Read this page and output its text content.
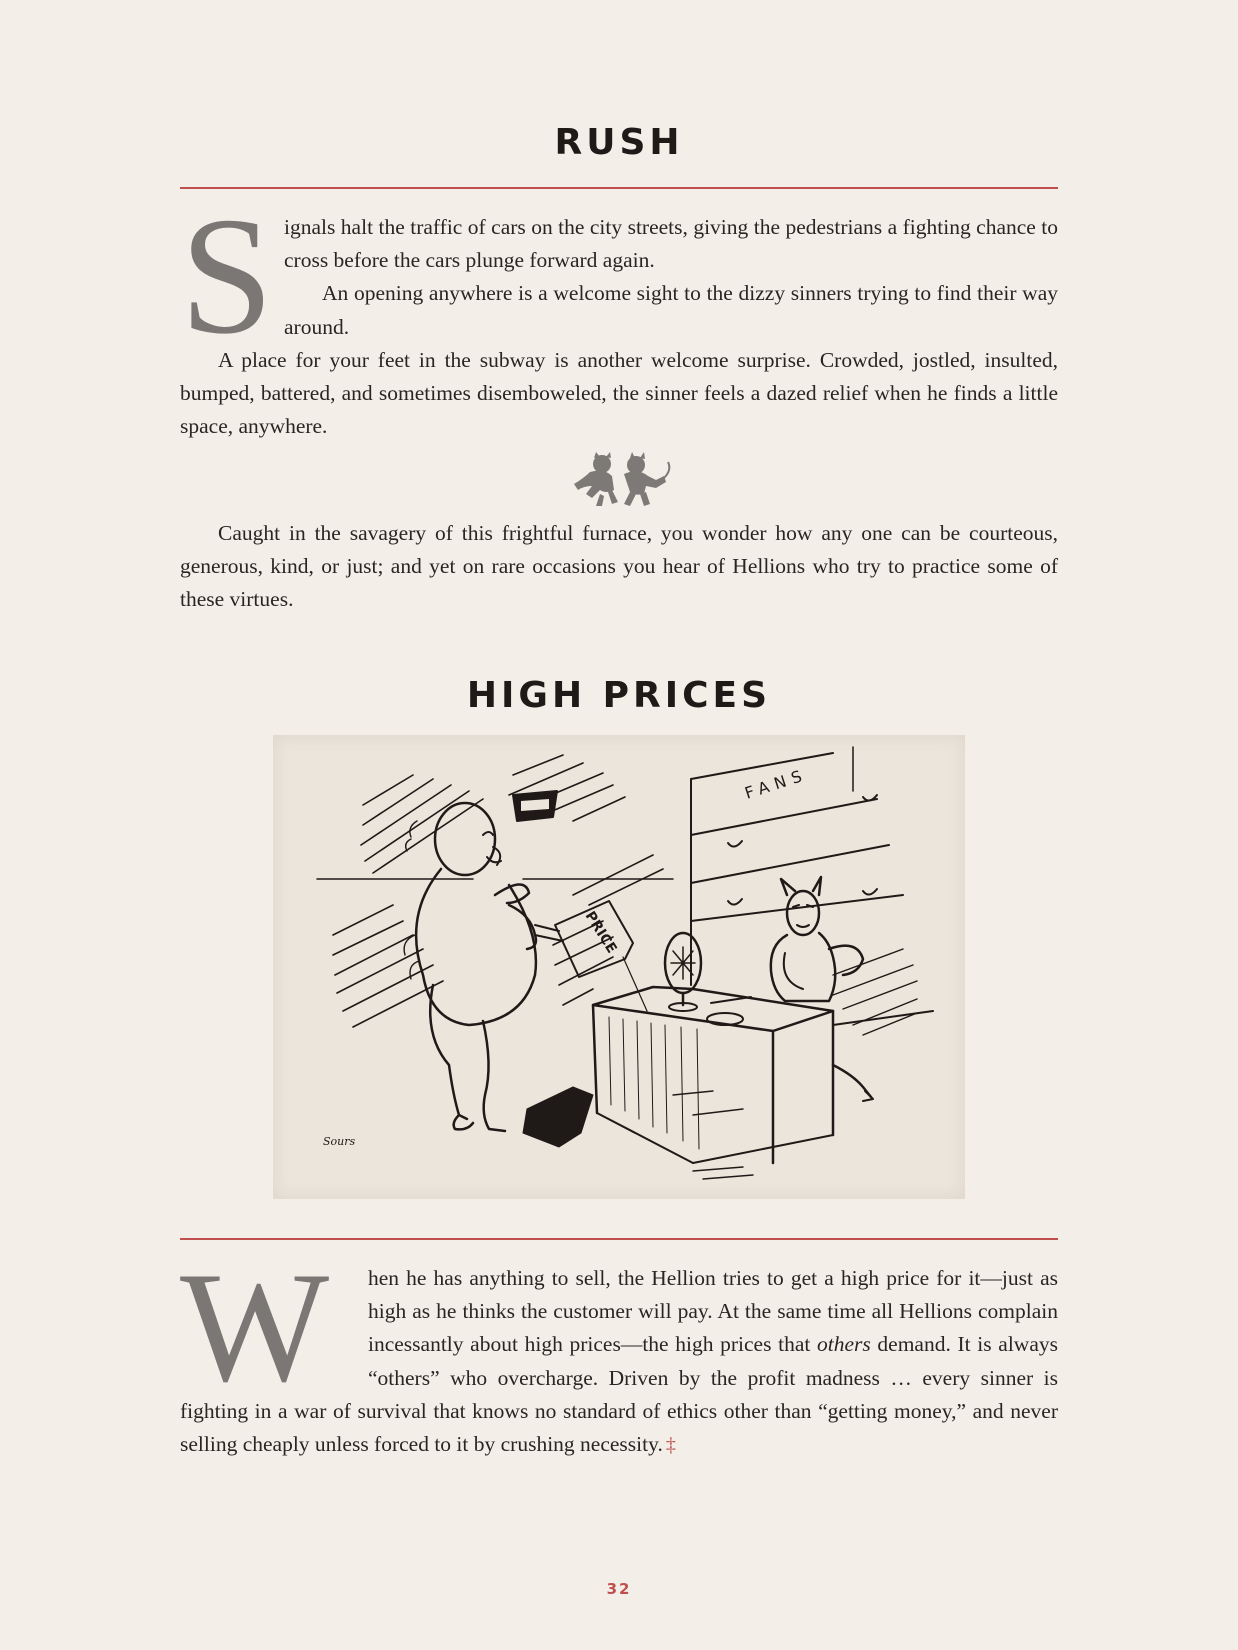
RUSH
S ignals halt the traffic of cars on the city streets, giving the pedestrians a fighting chance to cross before the cars plunge forward again.

An opening anywhere is a welcome sight to the dizzy sinners trying to find their way around.

A place for your feet in the subway is another welcome surprise. Crowded, jostled, insulted, bumped, battered, and sometimes disemboweled, the sinner feels a dazed relief when he finds a little space, anywhere.

Caught in the savagery of this frightful furnace, you wonder how any one can be courteous, generous, kind, or just; and yet on rare occasions you hear of Hellions who try to practice some of these virtues.

HIGH PRICES
FANS
PRICE
Sours
W	hen he has anything to sell, the Hellion tries to get a high price for it—just as high as he thinks the customer will pay. At the same time all Hellions complain incessantly about high prices—the high prices that others demand. It is always “others” who overcharge. Driven by the profit madness … every sinner is fighting in a war of survival that knows no standard of ethics other than “getting money,” and never selling cheaply unless forced to it by crushing necessity. ‡

32
